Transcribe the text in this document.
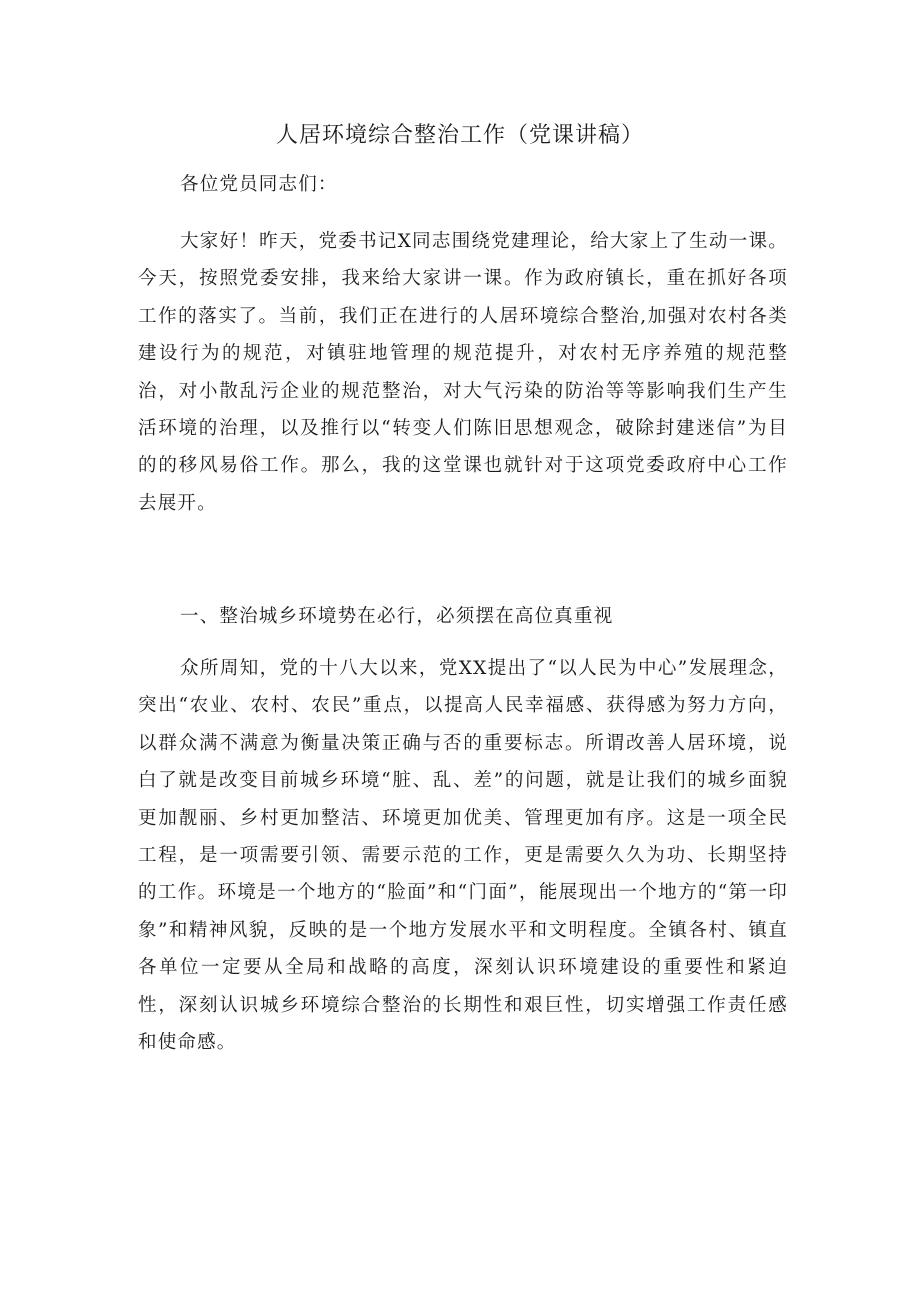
人居环境综合整治工作（党课讲稿）
各位党员同志们：
大家好！昨天，党委书记X同志围绕党建理论，给大家上了生动一课。今天，按照党委安排，我来给大家讲一课。作为政府镇长，重在抓好各项工作的落实了。当前，我们正在进行的人居环境综合整治,加强对农村各类建设行为的规范，对镇驻地管理的规范提升，对农村无序养殖的规范整治，对小散乱污企业的规范整治，对大气污染的防治等等影响我们生产生活环境的治理，以及推行以“转变人们陈旧思想观念，破除封建迷信”为目的的移风易俗工作。那么，我的这堂课也就针对于这项党委政府中心工作去展开。
一、整治城乡环境势在必行，必须摆在高位真重视
众所周知，党的十八大以来，党XX提出了“以人民为中心”发展理念，突出“农业、农村、农民”重点，以提高人民幸福感、获得感为努力方向，以群众满不满意为衡量决策正确与否的重要标志。所谓改善人居环境，说白了就是改变目前城乡环境“脏、乱、差”的问题，就是让我们的城乡面貌更加靓丽、乡村更加整洁、环境更加优美、管理更加有序。这是一项全民工程，是一项需要引领、需要示范的工作，更是需要久久为功、长期坚持的工作。环境是一个地方的“脸面”和“门面”，能展现出一个地方的“第一印象”和精神风貌，反映的是一个地方发展水平和文明程度。全镇各村、镇直各单位一定要从全局和战略的高度，深刻认识环境建设的重要性和紧迫性，深刻认识城乡环境综合整治的长期性和艰巨性，切实增强工作责任感和使命感。
